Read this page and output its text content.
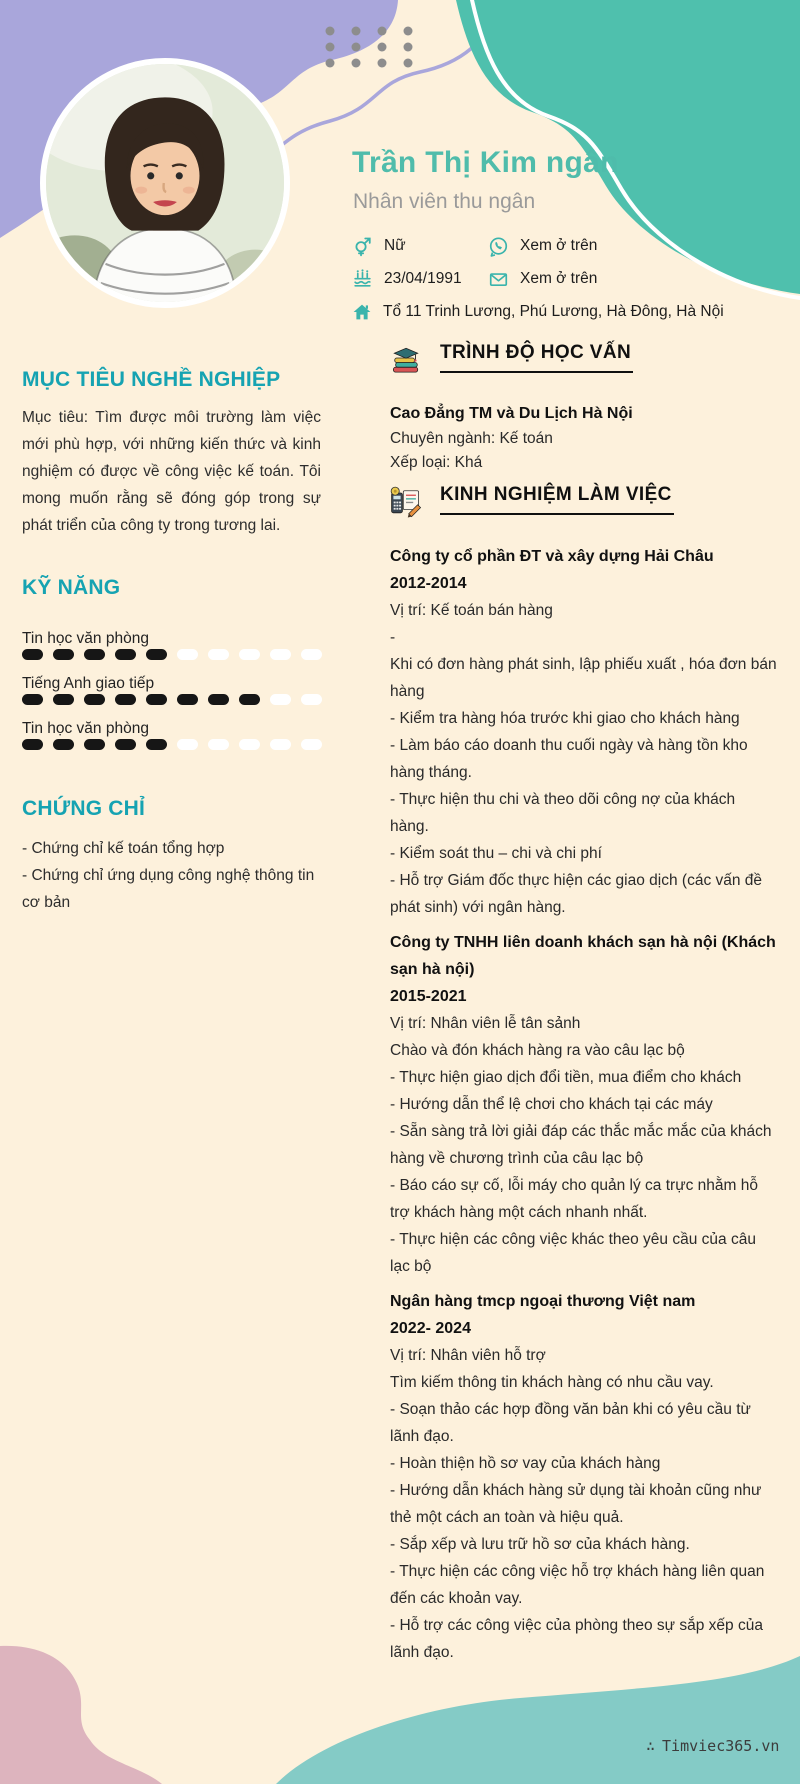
Trần Thị Kim ngân
Nhân viên thu ngân
Nữ	Xem ở trên
23/04/1991	Xem ở trên
Tổ 11 Trinh Lương, Phú Lương, Hà Đông, Hà Nội
MỤC TIÊU NGHỀ NGHIỆP
Mục tiêu: Tìm được môi trường làm việc mới phù hợp, với những kiến thức và kinh nghiệm có được về công việc kế toán. Tôi mong muốn rằng sẽ đóng góp trong sự phát triển của công ty trong tương lai.
KỸ NĂNG
Tin học văn phòng
Tiếng Anh giao tiếp
Tin học văn phòng
CHỨNG CHỈ
- Chứng chỉ kế toán tổng hợp
- Chứng chỉ ứng dụng công nghệ thông tin cơ bản
TRÌNH ĐỘ HỌC VẤN
Cao Đẳng TM và Du Lịch Hà Nội
Chuyên ngành: Kế toán
Xếp loại: Khá
KINH NGHIỆM LÀM VIỆC
Công ty cổ phần ĐT và xây dựng Hải Châu
2012-2014
Vị trí: Kế toán bán hàng
-
Khi có đơn hàng phát sinh, lập phiếu xuất , hóa đơn bán hàng
- Kiểm tra hàng hóa trước khi giao cho khách hàng
- Làm báo cáo doanh thu cuối ngày và hàng tồn kho hàng tháng.
- Thực hiện thu chi và theo dõi công nợ của khách hàng.
- Kiểm soát thu – chi và chi phí
- Hỗ trợ Giám đốc thực hiện các giao dịch (các vấn đề phát sinh) với ngân hàng.
Công ty TNHH liên doanh khách sạn hà nội (Khách sạn hà nội)
2015-2021
Vị trí: Nhân viên lễ tân sảnh
Chào và đón khách hàng ra vào câu lạc bộ
- Thực hiện giao dịch đổi tiền, mua điểm cho khách
- Hướng dẫn thể lệ chơi cho khách tại các máy
- Sẵn sàng trả lời giải đáp các thắc mắc mắc của khách hàng về chương trình của câu lạc bộ
- Báo cáo sự cố, lỗi máy cho quản lý ca trực nhằm hỗ trợ khách hàng một cách nhanh nhất.
- Thực hiện các công việc khác theo yêu cầu của câu lạc bộ
Ngân hàng tmcp ngoại thương Việt nam
2022- 2024
Vị trí: Nhân viên hỗ trợ
Tìm kiếm thông tin khách hàng có nhu cầu vay.
- Soạn thảo các hợp đồng văn bản khi có yêu cầu từ lãnh đạo.
- Hoàn thiện hồ sơ vay của khách hàng
- Hướng dẫn khách hàng sử dụng tài khoản cũng như thẻ một cách an toàn và hiệu quả.
- Sắp xếp và lưu trữ hồ sơ của khách hàng.
- Thực hiện các công việc hỗ trợ khách hàng liên quan đến các khoản vay.
- Hỗ trợ các công việc của phòng theo sự sắp xếp của lãnh đạo.
∴ Timviec365.vn
